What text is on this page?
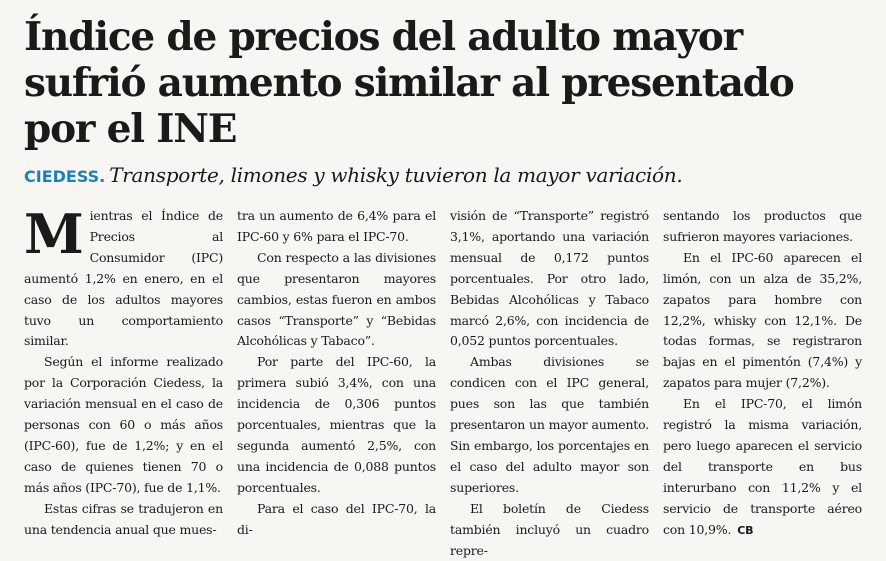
Índice de precios del adulto mayor sufrió aumento similar al presentado por el INE
CIEDESS. Transporte, limones y whisky tuvieron la mayor variación.

Mientras el Índice de Precios al Consumidor (IPC) aumentó 1,2% en enero, en el caso de los adultos mayores tuvo un comportamiento similar.

Según el informe realizado por la Corporación Ciedess, la variación mensual en el caso de personas con 60 o más años (IPC-60), fue de 1,2%; y en el caso de quienes tienen 70 o más años (IPC-70), fue de 1,1%.

Estas cifras se tradujeron en una tendencia anual que mues-

tra un aumento de 6,4% para el IPC-60 y 6% para el IPC-70.

Con respecto a las divisiones que presentaron mayores cambios, estas fueron en ambos casos “Transporte” y “Bebidas Alcohólicas y Tabaco”.

Por parte del IPC-60, la primera subió 3,4%, con una incidencia de 0,306 puntos porcentuales, mientras que la segunda aumentó 2,5%, con una incidencia de 0,088 puntos porcentuales.

Para el caso del IPC-70, la di-

visión de “Transporte” registró 3,1%, aportando una variación mensual de 0,172 puntos porcentuales. Por otro lado, Bebidas Alcohólicas y Tabaco marcó 2,6%, con incidencia de 0,052 puntos porcentuales.

Ambas divisiones se condicen con el IPC general, pues son las que también presentaron un mayor aumento. Sin embargo, los porcentajes en el caso del adulto mayor son superiores.

El boletín de Ciedess también incluyó un cuadro repre-

sentando los productos que sufrieron mayores variaciones.

En el IPC-60 aparecen el limón, con un alza de 35,2%, zapatos para hombre con 12,2%, whisky con 12,1%. De todas formas, se registraron bajas en el pimentón (7,4%) y zapatos para mujer (7,2%).

En el IPC-70, el limón registró la misma variación, pero luego aparecen el servicio del transporte en bus interurbano con 11,2% y el servicio de transporte aéreo con 10,9%. CB
